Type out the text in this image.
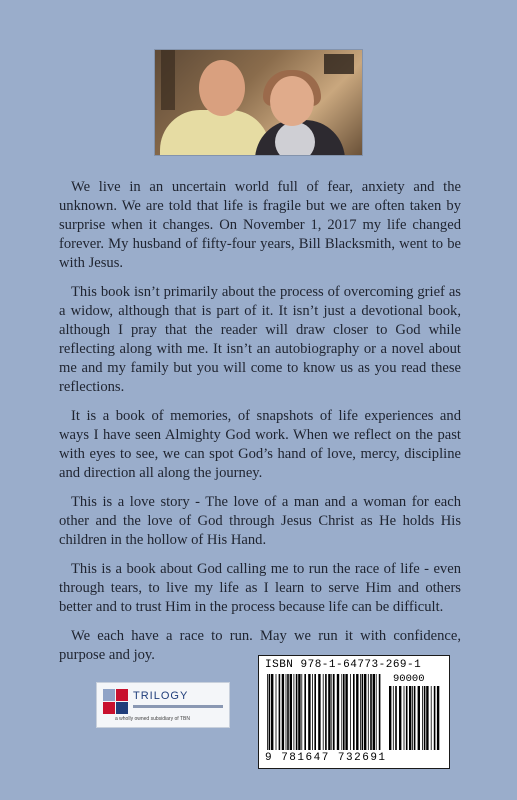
We live in an uncertain world full of fear, anxiety and the unknown. We are told that life is fragile but we are often taken by surprise when it changes. On November 1, 2017 my life changed forever. My husband of fifty-four years, Bill Blacksmith, went to be with Jesus.

This book isn’t primarily about the process of overcoming grief as a widow, although that is part of it. It isn’t just a devotional book, although I pray that the reader will draw closer to God while reflecting along with me. It isn’t an autobiography or a novel about me and my family but you will come to know us as you read these reflections.

It is a book of memories, of snapshots of life experiences and ways I have seen Almighty God work. When we reflect on the past with eyes to see, we can spot God’s hand of love, mercy, discipline and direction all along the journey.

This is a love story - The love of a man and a woman for each other and the love of God through Jesus Christ as He holds His children in the hollow of His Hand.

This is a book about God calling me to run the race of life - even through tears, to live my life as I learn to serve Him and others better and to trust Him in the process because life can be difficult.

We each have a race to run. May we run it with confidence, purpose and joy.

TRILOGY
a wholly owned subsidiary of TBN
ISBN 978-1-64773-269-1
90000
9 781647 732691
